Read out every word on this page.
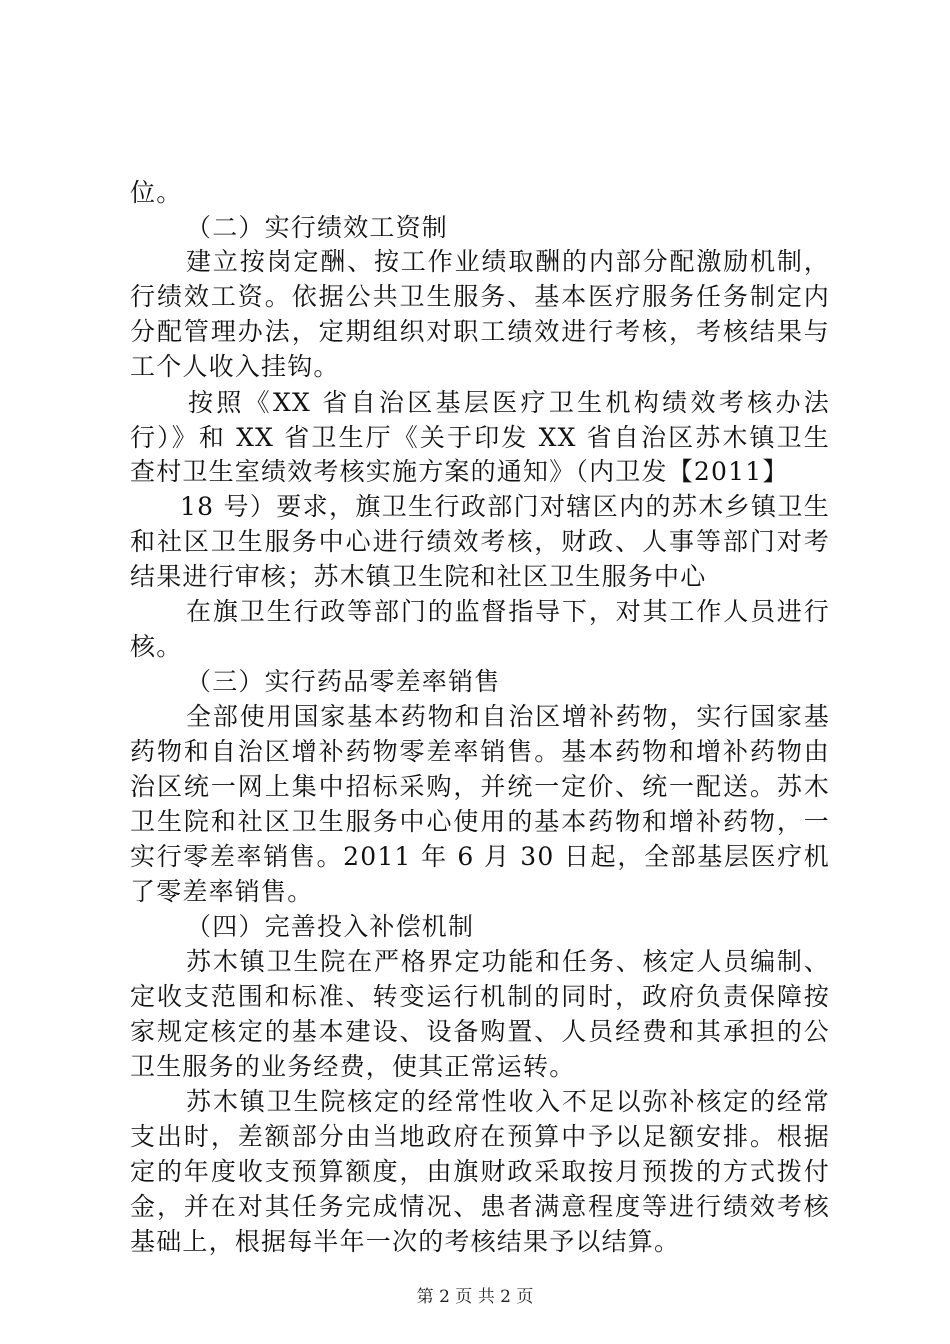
位。
（二）实行绩效工资制
建立按岗定酬、按工作业绩取酬的内部分配激励机制，
行绩效工资。依据公共卫生服务、基本医疗服务任务制定内
分配管理办法，定期组织对职工绩效进行考核，考核结果与
工个人收入挂钩。
按照《XX 省自治区基层医疗卫生机构绩效考核办法
行）》和 XX 省卫生厅《关于印发 XX 省自治区苏木镇卫生
查村卫生室绩效考核实施方案的通知》（内卫发【2011】
18 号）要求，旗卫生行政部门对辖区内的苏木乡镇卫生
和社区卫生服务中心进行绩效考核，财政、人事等部门对考
结果进行审核；苏木镇卫生院和社区卫生服务中心
在旗卫生行政等部门的监督指导下，对其工作人员进行
核。
（三）实行药品零差率销售
全部使用国家基本药物和自治区增补药物，实行国家基
药物和自治区增补药物零差率销售。基本药物和增补药物由
治区统一网上集中招标采购，并统一定价、统一配送。苏木
卫生院和社区卫生服务中心使用的基本药物和增补药物，一
实行零差率销售。2011 年 6 月 30 日起，全部基层医疗机
了零差率销售。
（四）完善投入补偿机制
苏木镇卫生院在严格界定功能和任务、核定人员编制、
定收支范围和标准、转变运行机制的同时，政府负责保障按
家规定核定的基本建设、设备购置、人员经费和其承担的公
卫生服务的业务经费，使其正常运转。
苏木镇卫生院核定的经常性收入不足以弥补核定的经常
支出时，差额部分由当地政府在预算中予以足额安排。根据
定的年度收支预算额度，由旗财政采取按月预拨的方式拨付
金，并在对其任务完成情况、患者满意程度等进行绩效考核
基础上，根据每半年一次的考核结果予以结算。
第 2 页 共 2 页
